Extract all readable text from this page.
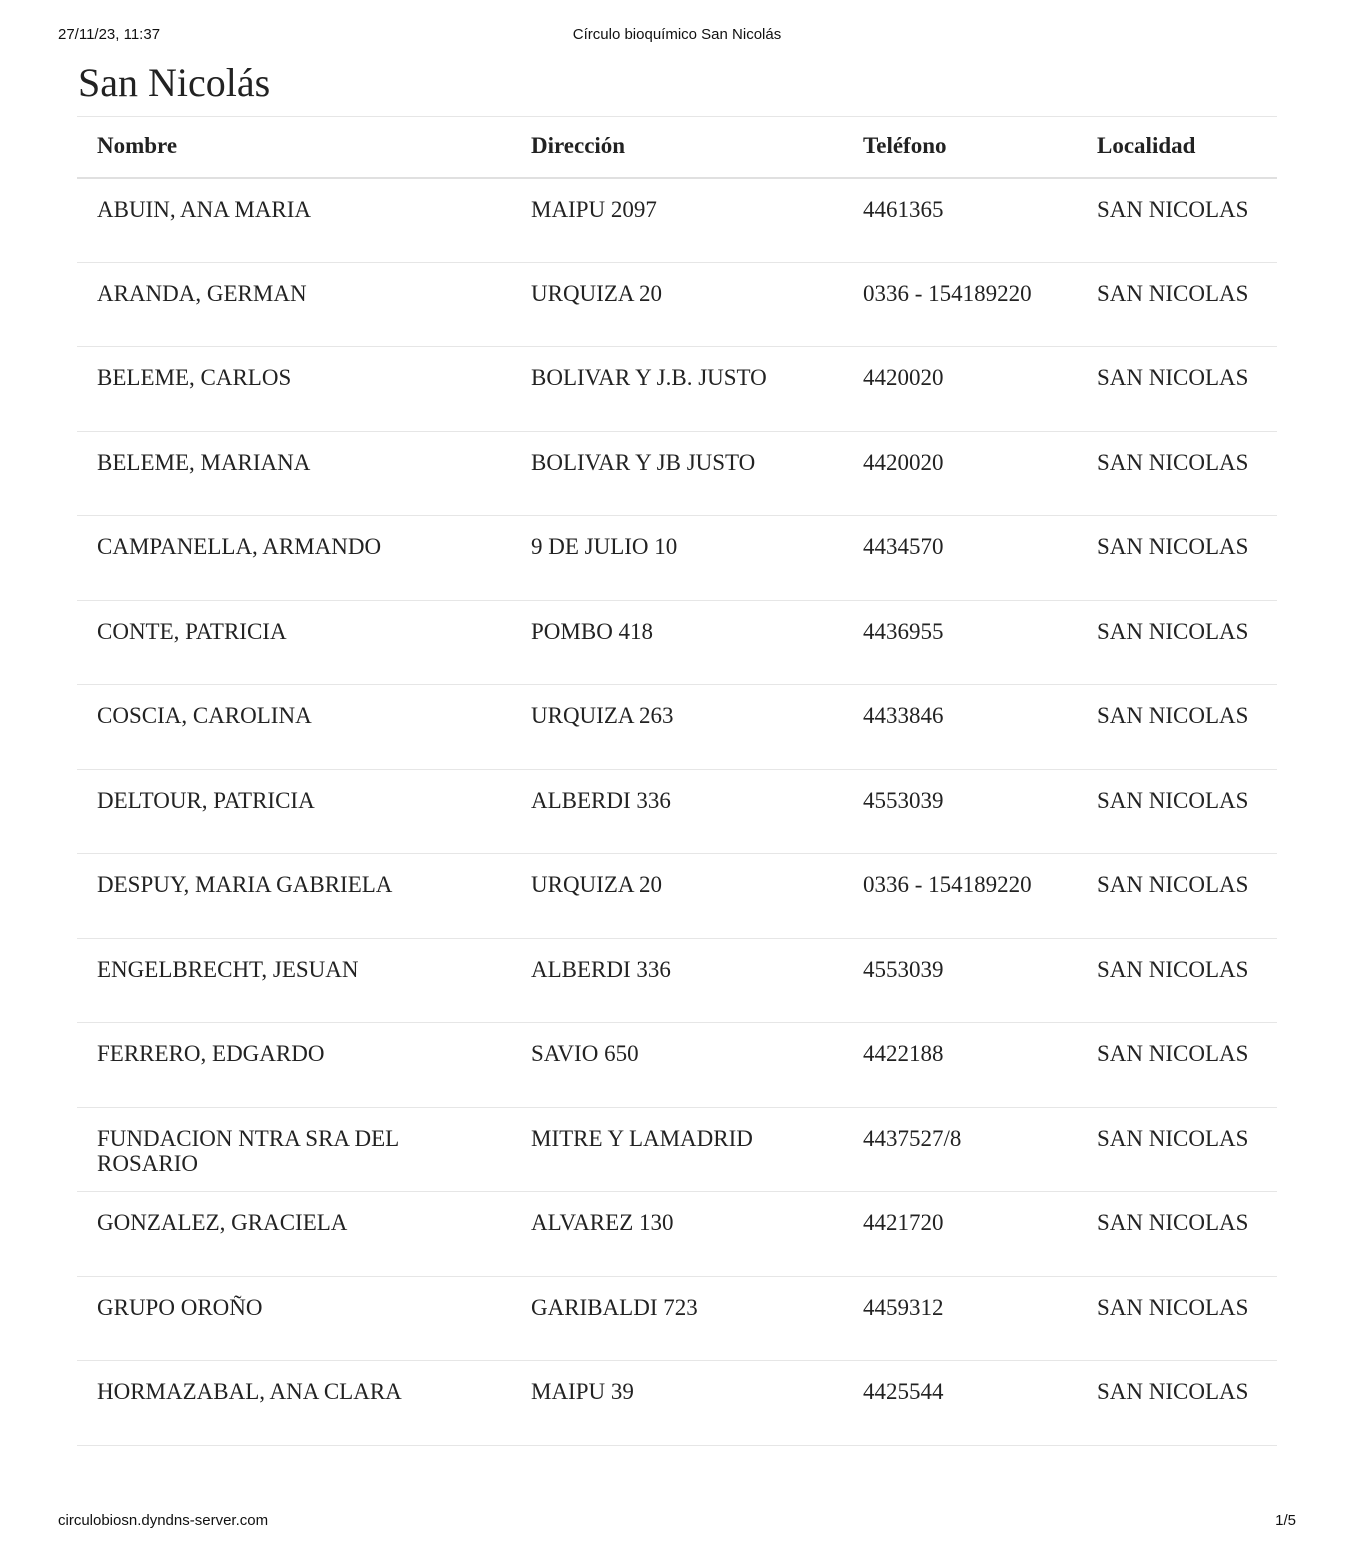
27/11/23, 11:37	Círculo bioquímico San Nicolás
San Nicolás
Nombre	Dirección	Teléfono	Localidad
ABUIN, ANA MARIA	MAIPU 2097	4461365	SAN NICOLAS
ARANDA, GERMAN	URQUIZA 20	0336 - 154189220	SAN NICOLAS
BELEME, CARLOS	BOLIVAR Y J.B. JUSTO	4420020	SAN NICOLAS
BELEME, MARIANA	BOLIVAR Y JB JUSTO	4420020	SAN NICOLAS
CAMPANELLA, ARMANDO	9 DE JULIO 10	4434570	SAN NICOLAS
CONTE, PATRICIA	POMBO 418	4436955	SAN NICOLAS
COSCIA, CAROLINA	URQUIZA 263	4433846	SAN NICOLAS
DELTOUR, PATRICIA	ALBERDI 336	4553039	SAN NICOLAS
DESPUY, MARIA GABRIELA	URQUIZA 20	0336 - 154189220	SAN NICOLAS
ENGELBRECHT, JESUAN	ALBERDI 336	4553039	SAN NICOLAS
FERRERO, EDGARDO	SAVIO 650	4422188	SAN NICOLAS
FUNDACION NTRA SRA DEL ROSARIO	MITRE Y LAMADRID	4437527/8	SAN NICOLAS
GONZALEZ, GRACIELA	ALVAREZ 130	4421720	SAN NICOLAS
GRUPO OROÑO	GARIBALDI 723	4459312	SAN NICOLAS
HORMAZABAL, ANA CLARA	MAIPU 39	4425544	SAN NICOLAS
circulobiosn.dyndns-server.com	1/5
